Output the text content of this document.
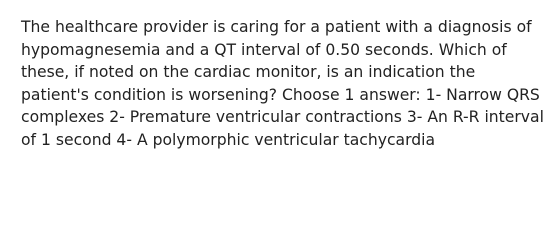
The healthcare provider is caring for a patient with a diagnosis of hypomagnesemia and a QT interval of 0.50 seconds. Which of these, if noted on the cardiac monitor, is an indication the patient's condition is worsening? Choose 1 answer: 1- Narrow QRS complexes 2- Premature ventricular contractions 3- An R-R interval of 1 second 4- A polymorphic ventricular tachycardia
